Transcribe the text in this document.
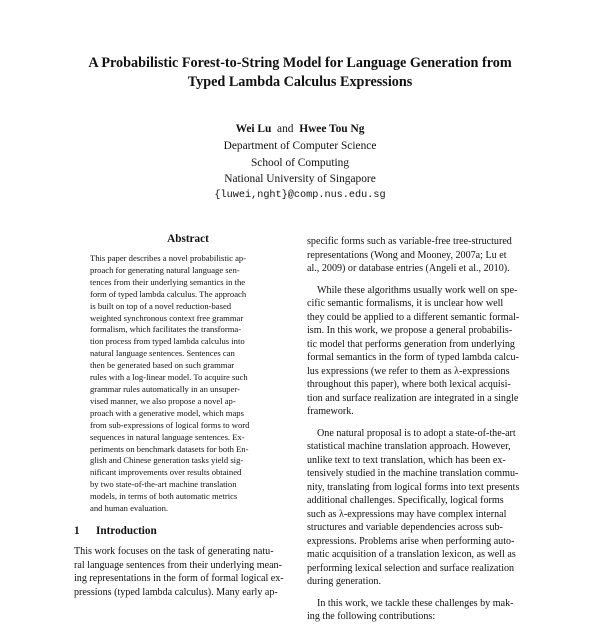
A Probabilistic Forest-to-String Model for Language Generation from
Typed Lambda Calculus Expressions
Wei Lu and Hwee Tou Ng
Department of Computer Science
School of Computing
National University of Singapore
{luwei,nght}@comp.nus.edu.sg
Abstract
This paper describes a novel probabilistic ap-
proach for generating natural language sen-
tences from their underlying semantics in the
form of typed lambda calculus. The approach
is built on top of a novel reduction-based
weighted synchronous context free grammar
formalism, which facilitates the transforma-
tion process from typed lambda calculus into
natural language sentences. Sentences can
then be generated based on such grammar
rules with a log-linear model. To acquire such
grammar rules automatically in an unsuper-
vised manner, we also propose a novel ap-
proach with a generative model, which maps
from sub-expressions of logical forms to word
sequences in natural language sentences. Ex-
periments on benchmark datasets for both En-
glish and Chinese generation tasks yield sig-
nificant improvements over results obtained
by two state-of-the-art machine translation
models, in terms of both automatic metrics
and human evaluation.
1 Introduction
This work focuses on the task of generating natu-
ral language sentences from their underlying mean-
ing representations in the form of formal logical ex-
pressions (typed lambda calculus). Many early ap-
specific forms such as variable-free tree-structured
representations (Wong and Mooney, 2007a; Lu et
al., 2009) or database entries (Angeli et al., 2010).
While these algorithms usually work well on spe-
cific semantic formalisms, it is unclear how well
they could be applied to a different semantic formal-
ism. In this work, we propose a general probabilis-
tic model that performs generation from underlying
formal semantics in the form of typed lambda calcu-
lus expressions (we refer to them as λ-expressions
throughout this paper), where both lexical acquisi-
tion and surface realization are integrated in a single
framework.
One natural proposal is to adopt a state-of-the-art
statistical machine translation approach. However,
unlike text to text translation, which has been ex-
tensively studied in the machine translation commu-
nity, translating from logical forms into text presents
additional challenges. Specifically, logical forms
such as λ-expressions may have complex internal
structures and variable dependencies across sub-
expressions. Problems arise when performing auto-
matic acquisition of a translation lexicon, as well as
performing lexical selection and surface realization
during generation.
In this work, we tackle these challenges by mak-
ing the following contributions:
